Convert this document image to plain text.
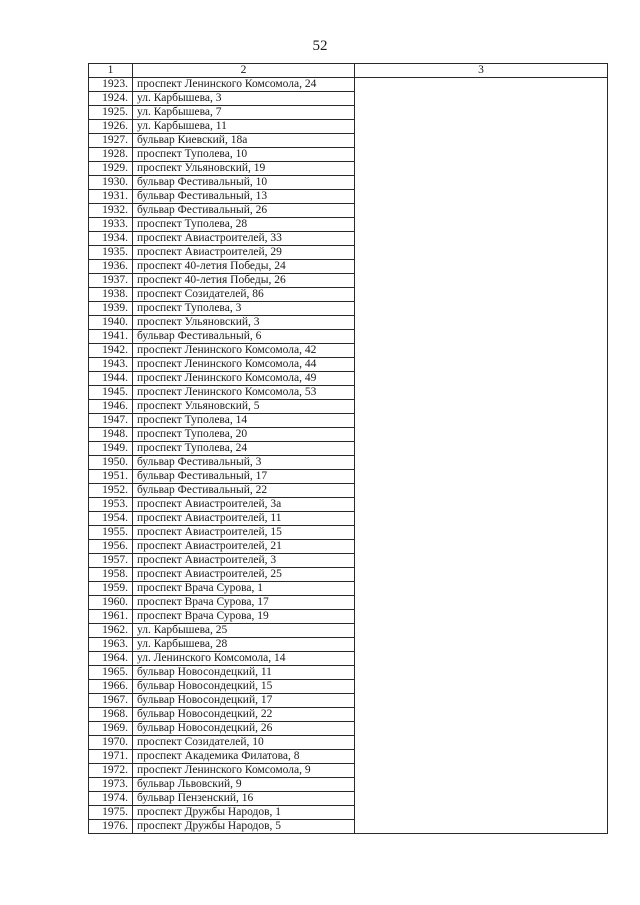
52
1	2	3
1923.	проспект Ленинского Комсомола, 24	
1924.	ул. Карбышева, 3	
1925.	ул. Карбышева, 7	
1926.	ул. Карбышева, 11	
1927.	бульвар Киевский, 18а	
1928.	проспект Туполева, 10	
1929.	проспект Ульяновский, 19	
1930.	бульвар Фестивальный, 10	
1931.	бульвар Фестивальный, 13	
1932.	бульвар Фестивальный, 26	
1933.	проспект Туполева, 28	
1934.	проспект Авиастроителей, 33	
1935.	проспект Авиастроителей, 29	
1936.	проспект 40-летия Победы, 24	
1937.	проспект 40-летия Победы, 26	
1938.	проспект Созидателей, 86	
1939.	проспект Туполева, 3	
1940.	проспект Ульяновский, 3	
1941.	бульвар Фестивальный, 6	
1942.	проспект Ленинского Комсомола, 42	
1943.	проспект Ленинского Комсомола, 44	
1944.	проспект Ленинского Комсомола, 49	
1945.	проспект Ленинского Комсомола, 53	
1946.	проспект Ульяновский, 5	
1947.	проспект Туполева, 14	
1948.	проспект Туполева, 20	
1949.	проспект Туполева, 24	
1950.	бульвар Фестивальный, 3	
1951.	бульвар Фестивальный, 17	
1952.	бульвар Фестивальный, 22	
1953.	проспект Авиастроителей, 3а	
1954.	проспект Авиастроителей, 11	
1955.	проспект Авиастроителей, 15	
1956.	проспект Авиастроителей, 21	
1957.	проспект Авиастроителей, 3	
1958.	проспект Авиастроителей, 25	
1959.	проспект Врача Сурова, 1	
1960.	проспект Врача Сурова, 17	
1961.	проспект Врача Сурова, 19	
1962.	ул. Карбышева, 25	
1963.	ул. Карбышева, 28	
1964.	ул. Ленинского Комсомола, 14	
1965.	бульвар Новосондецкий, 11	
1966.	бульвар Новосондецкий, 15	
1967.	бульвар Новосондецкий, 17	
1968.	бульвар Новосондецкий, 22	
1969.	бульвар Новосондецкий, 26	
1970.	проспект Созидателей, 10	
1971.	проспект Академика Филатова, 8	
1972.	проспект Ленинского Комсомола, 9	
1973.	бульвар Львовский, 9	
1974.	бульвар Пензенский, 16	
1975.	проспект Дружбы Народов, 1	
1976.	проспект Дружбы Народов, 5	
